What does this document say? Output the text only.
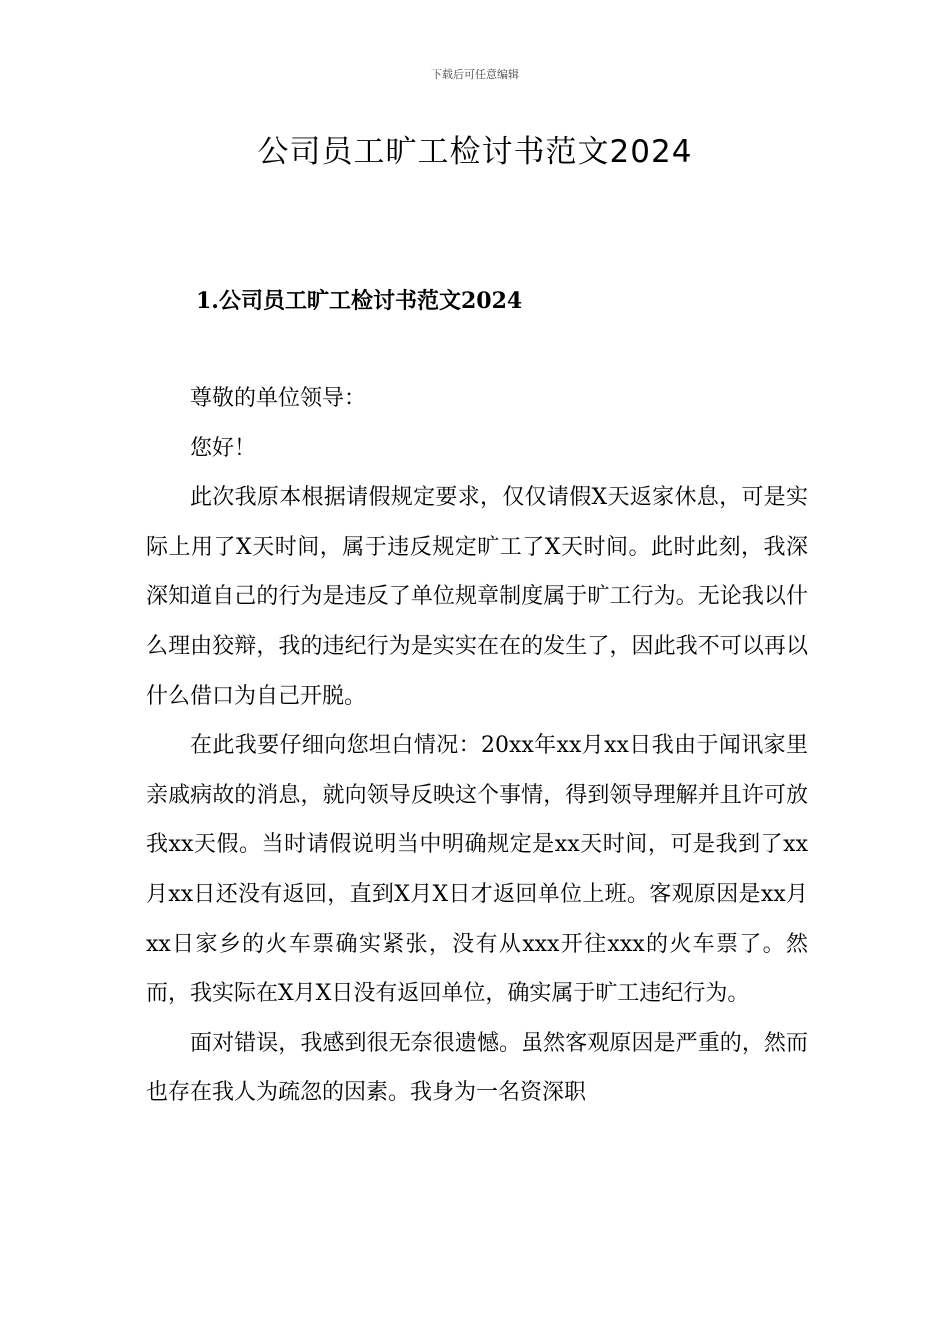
下载后可任意编辑
公司员工旷工检讨书范文2024
1.公司员工旷工检讨书范文2024

尊敬的单位领导：

您好！

此次我原本根据请假规定要求，仅仅请假X天返家休息，可是实际上用了X天时间，属于违反规定旷工了X天时间。此时此刻，我深深知道自己的行为是违反了单位规章制度属于旷工行为。无论我以什么理由狡辩，我的违纪行为是实实在在的发生了，因此我不可以再以什么借口为自己开脱。

在此我要仔细向您坦白情况：20xx年xx月xx日我由于闻讯家里亲戚病故的消息，就向领导反映这个事情，得到领导理解并且许可放我xx天假。当时请假说明当中明确规定是xx天时间，可是我到了xx月xx日还没有返回，直到X月X日才返回单位上班。客观原因是xx月xx日家乡的火车票确实紧张，没有从xxx开往xxx的火车票了。然而，我实际在X月X日没有返回单位，确实属于旷工违纪行为。

面对错误，我感到很无奈很遗憾。虽然客观原因是严重的，然而也存在我人为疏忽的因素。我身为一名资深职
